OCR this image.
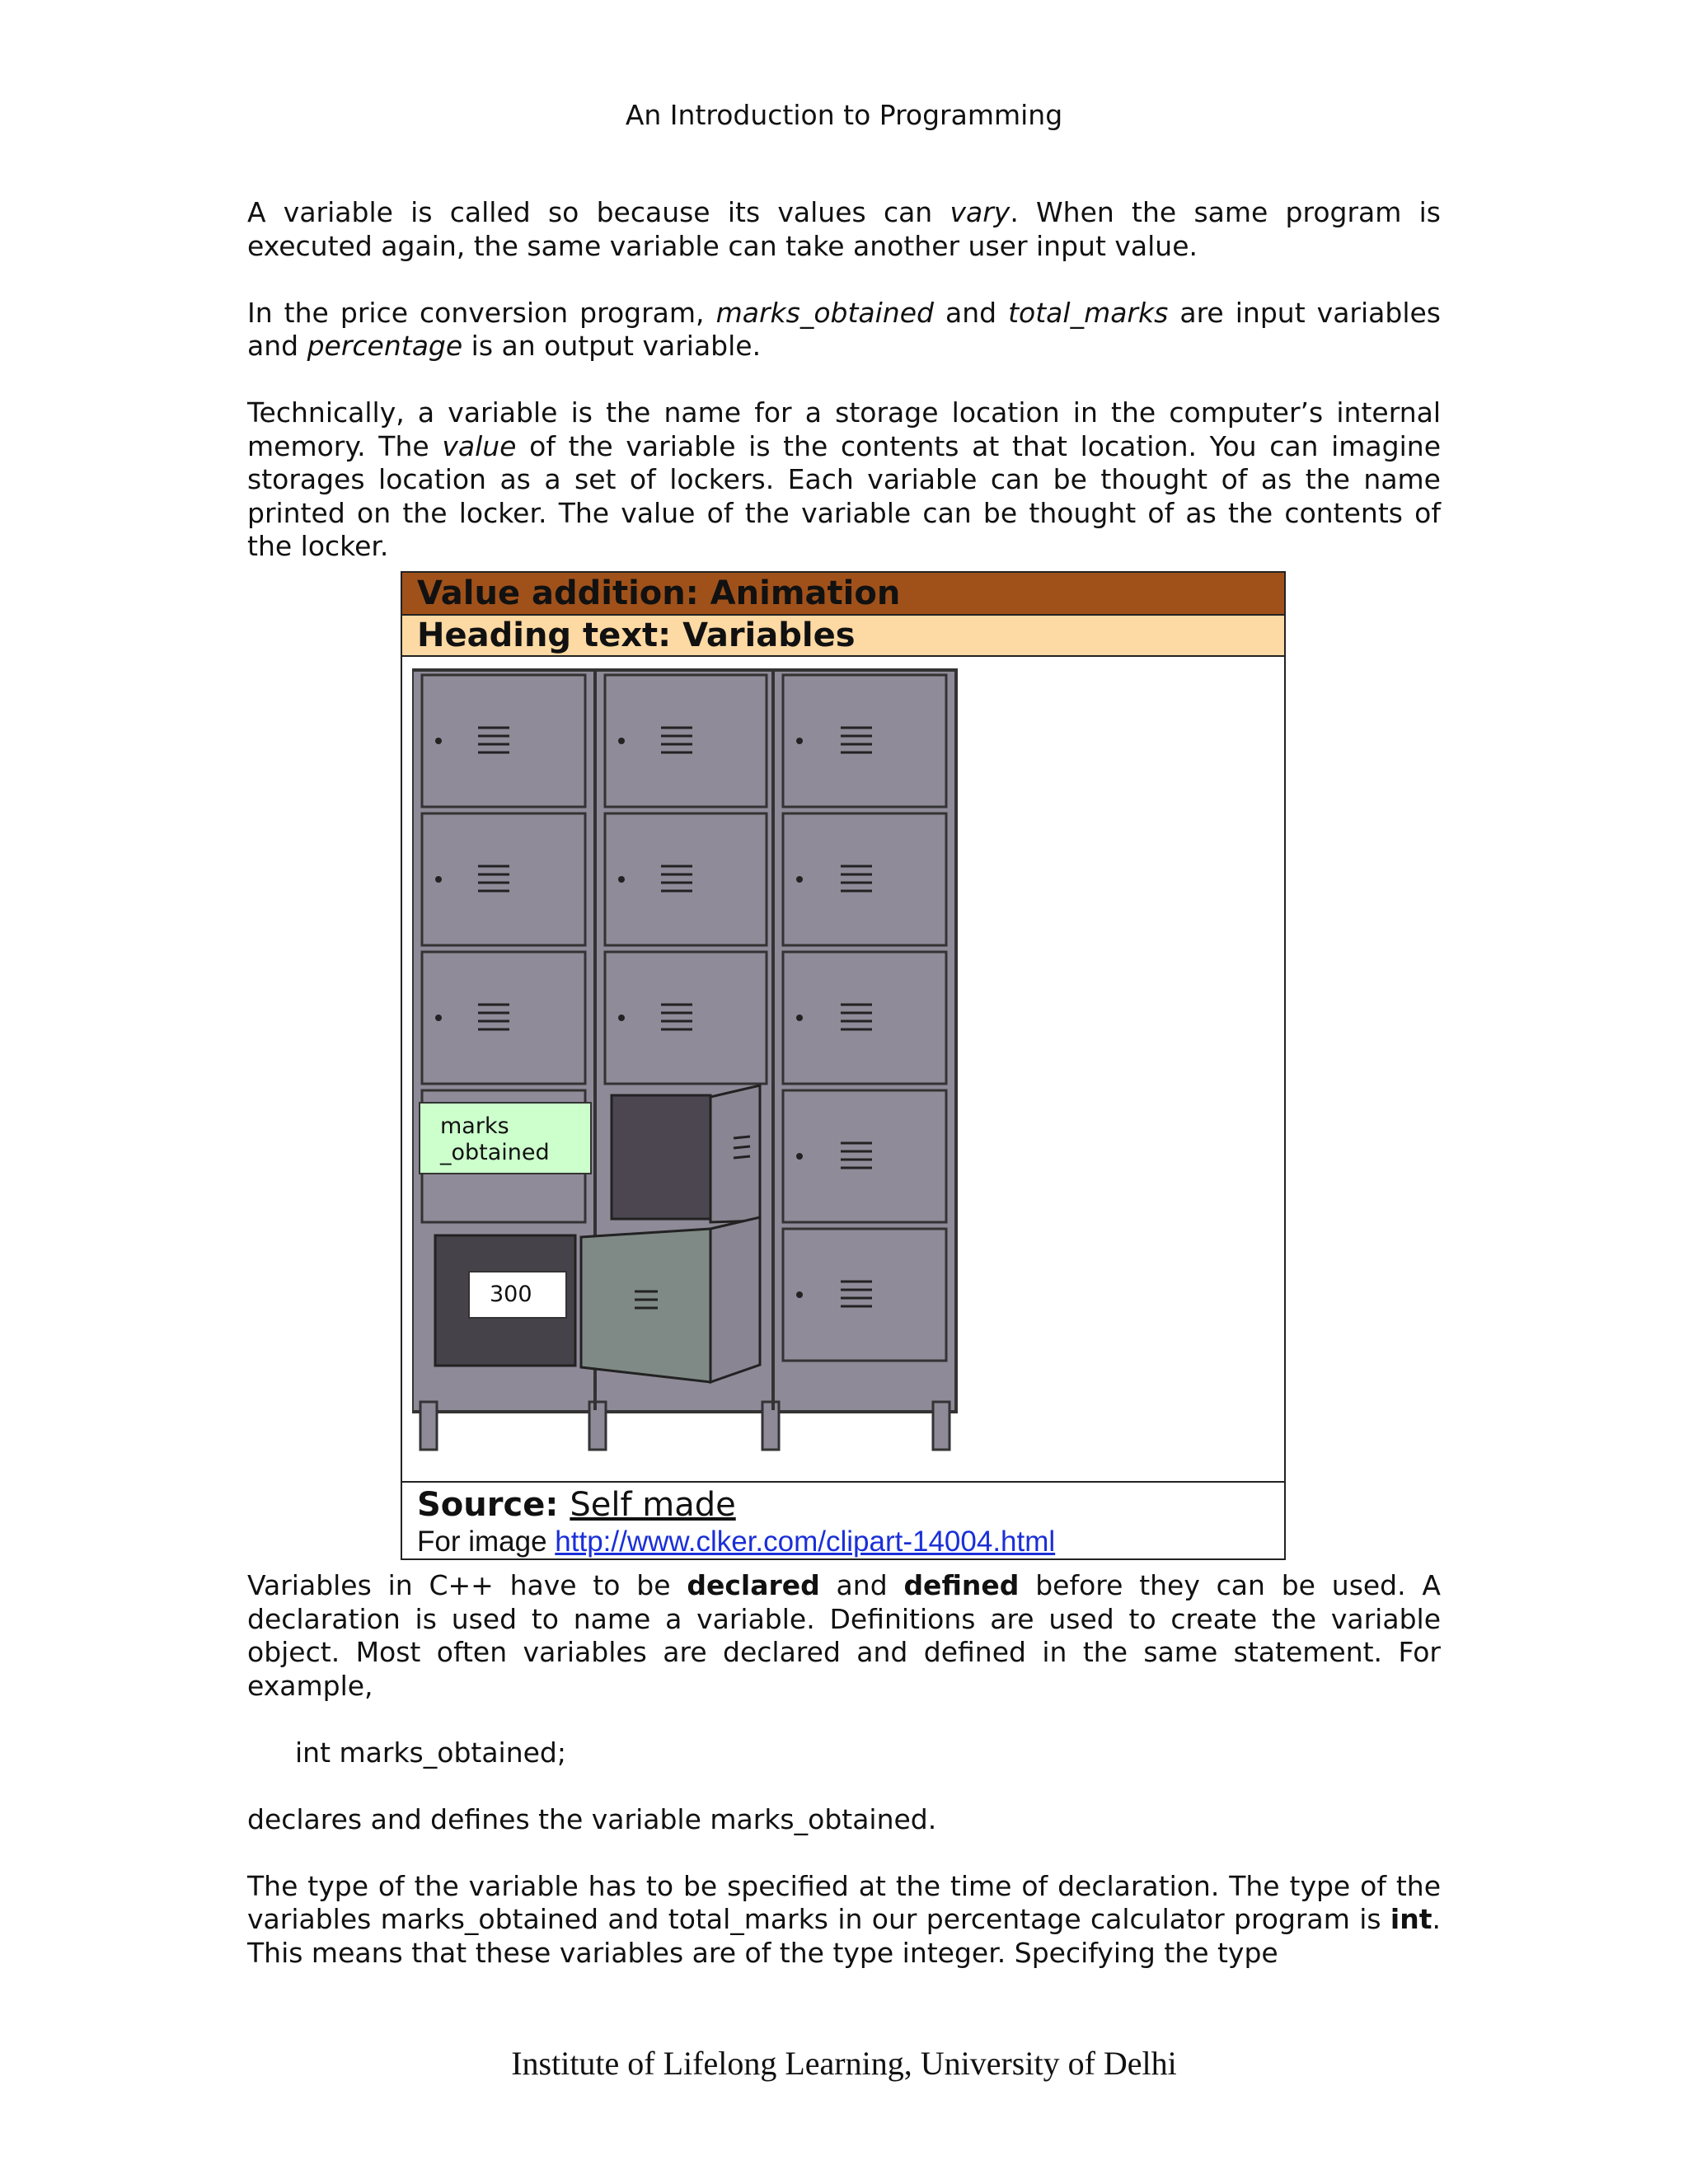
An Introduction to Programming

A variable is called so because its values can vary. When the same program is executed again, the same variable can take another user input value.

In the price conversion program, marks_obtained and total_marks are input variables and percentage is an output variable.

Technically, a variable is the name for a storage location in the computer’s internal memory. The value of the variable is the contents at that location. You can imagine storages location as a set of lockers. Each variable can be thought of as the name printed on the locker. The value of the variable can be thought of as the contents of the locker.

Value addition: Animation
Heading text: Variables
marks
_obtained
300
Source: Self made
For image http://www.clker.com/clipart-14004.html

Variables in C++ have to be declared and defined before they can be used. A declaration is used to name a variable. Definitions are used to create the variable object. Most often variables are declared and defined in the same statement. For example,

int marks_obtained;

declares and defines the variable marks_obtained.

The type of the variable has to be specified at the time of declaration. The type of the variables marks_obtained and total_marks in our percentage calculator program is int. This means that these variables are of the type integer. Specifying the type

Institute of Lifelong Learning, University of Delhi
